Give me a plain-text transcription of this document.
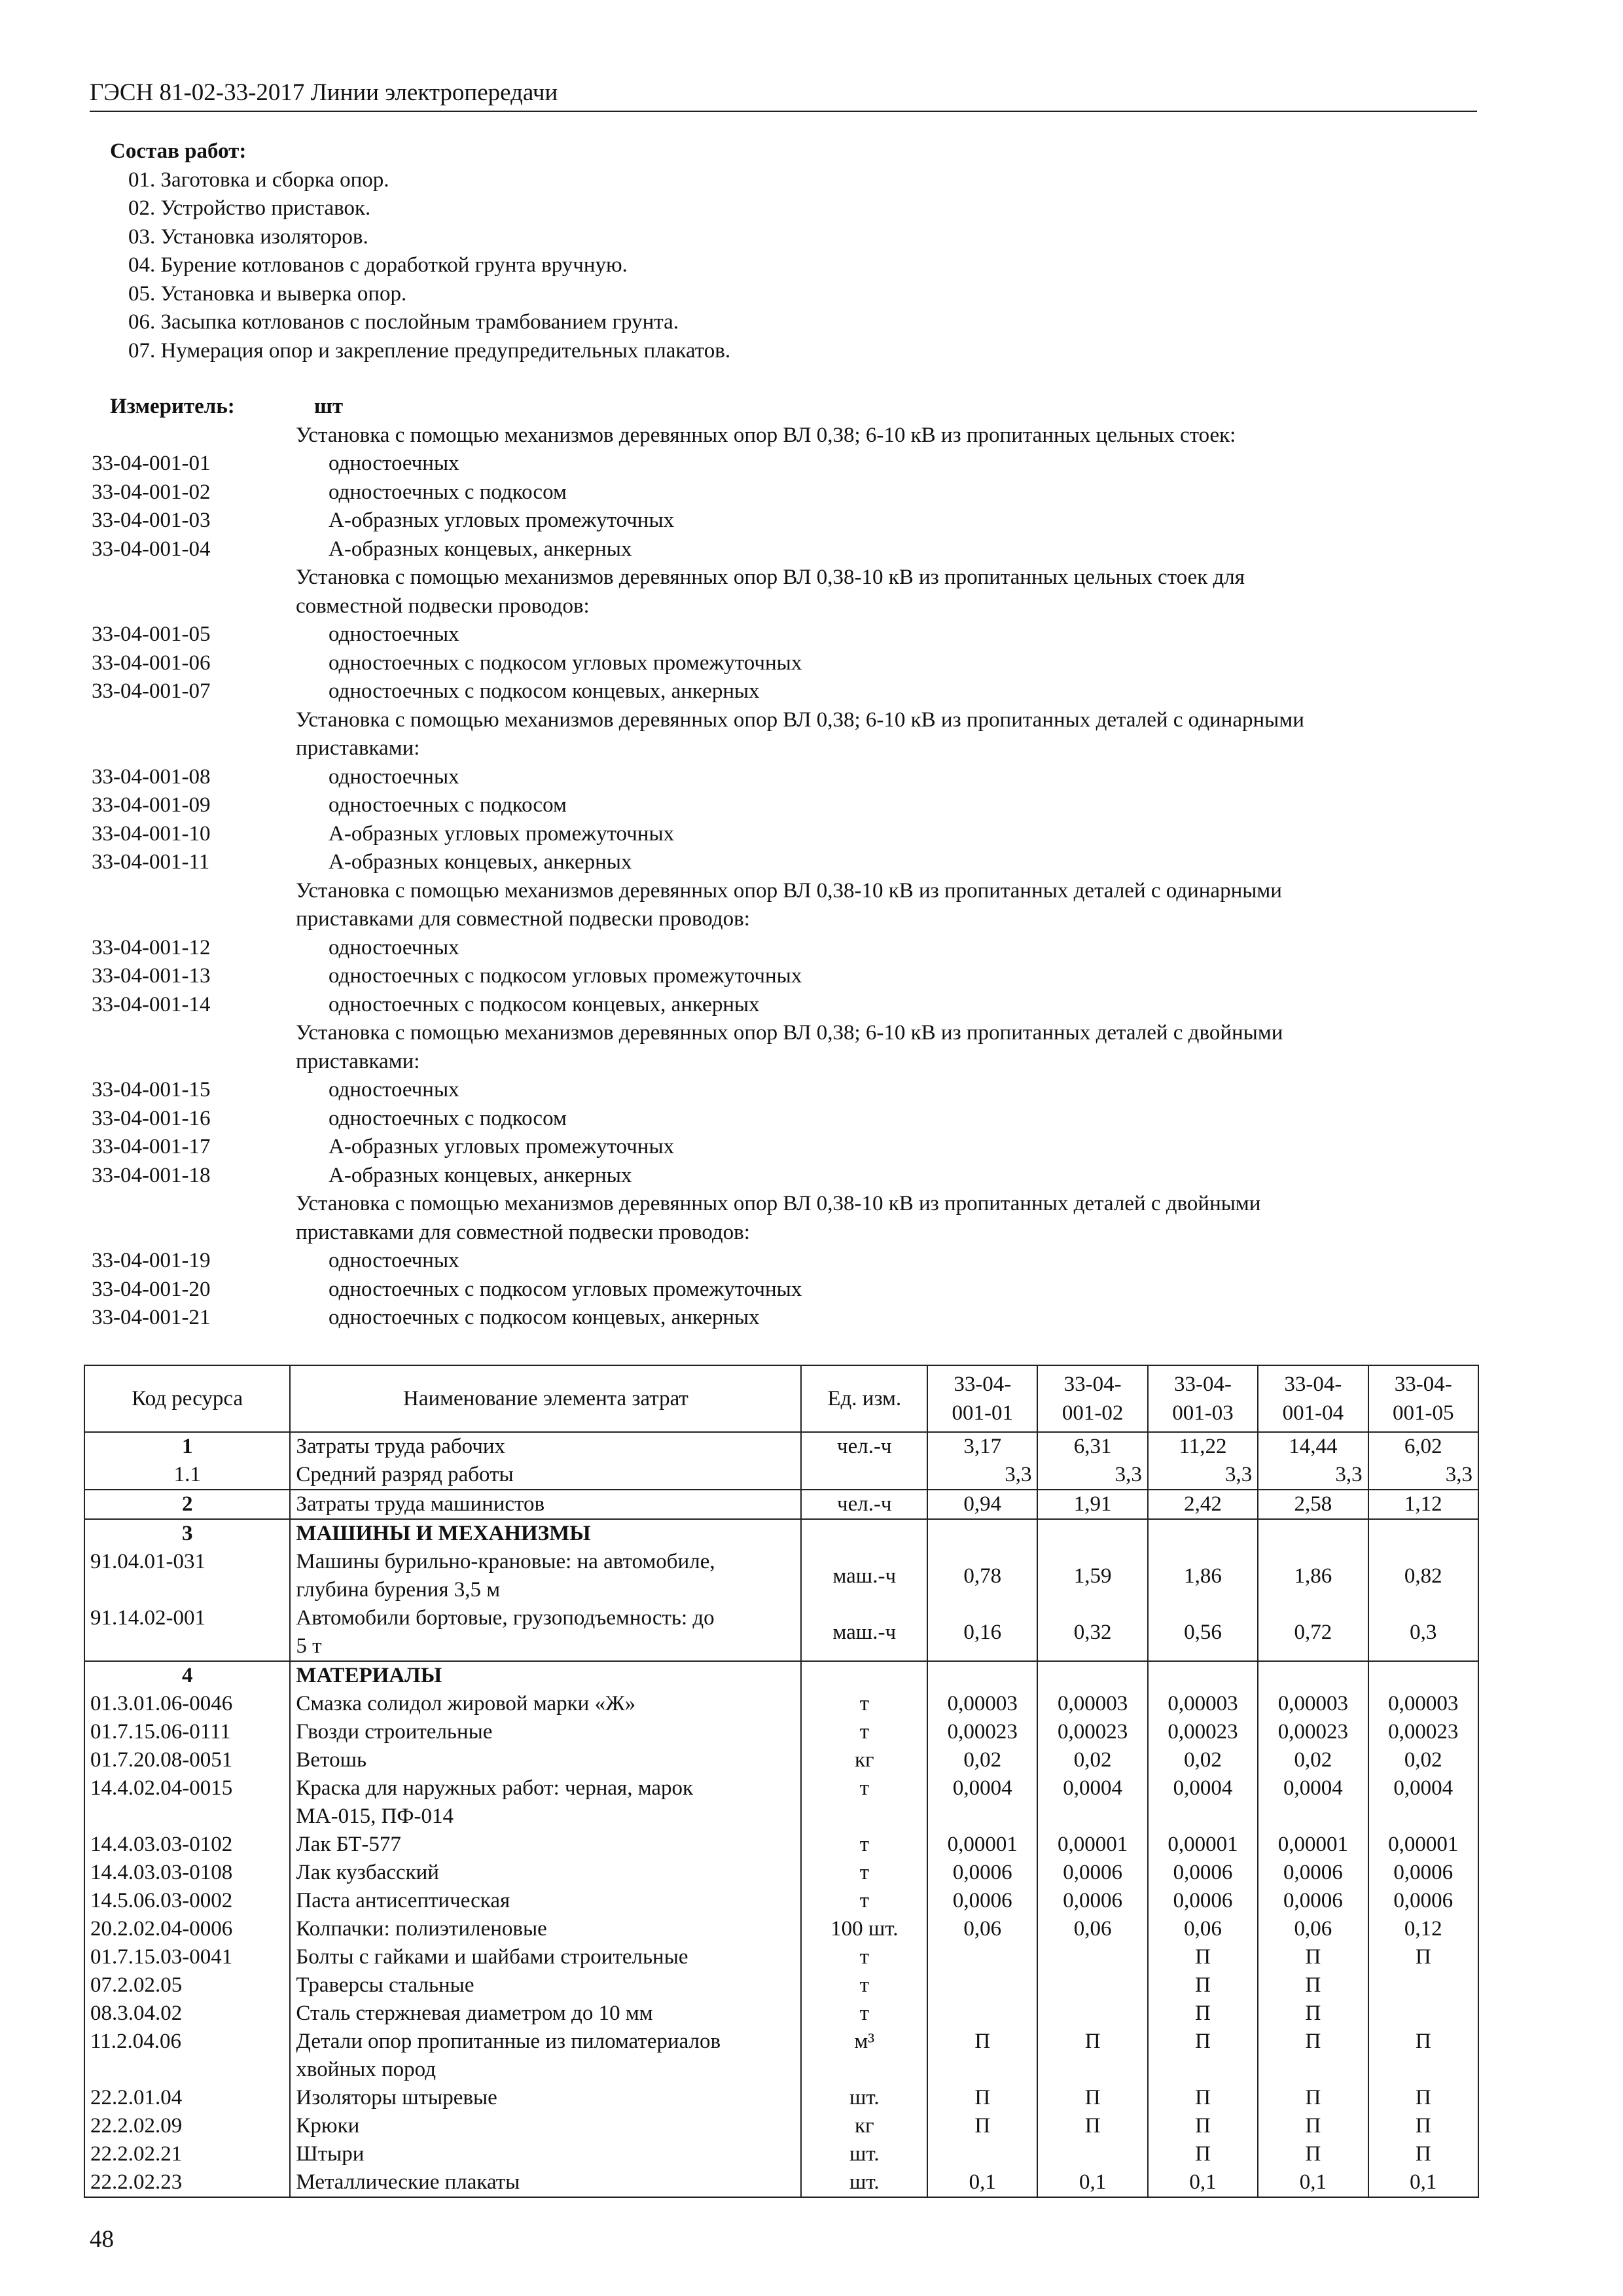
ГЭСН 81-02-33-2017 Линии электропередачи
Состав работ:
01. Заготовка и сборка опор.
02. Устройство приставок.
03. Установка изоляторов.
04. Бурение котлованов с доработкой грунта вручную.
05. Установка и выверка опор.
06. Засыпка котлованов с послойным трамбованием грунта.
07. Нумерация опор и закрепление предупредительных плакатов.
Измеритель:	шт
Установка с помощью механизмов деревянных опор ВЛ 0,38; 6-10 кВ из пропитанных цельных стоек:
33-04-001-01	одностоечных
33-04-001-02	одностоечных с подкосом
33-04-001-03	А-образных угловых промежуточных
33-04-001-04	А-образных концевых, анкерных
Установка с помощью механизмов деревянных опор ВЛ 0,38-10 кВ из пропитанных цельных стоек для
совместной подвески проводов:
33-04-001-05	одностоечных
33-04-001-06	одностоечных с подкосом угловых промежуточных
33-04-001-07	одностоечных с подкосом концевых, анкерных
Установка с помощью механизмов деревянных опор ВЛ 0,38; 6-10 кВ из пропитанных деталей с одинарными
приставками:
33-04-001-08	одностоечных
33-04-001-09	одностоечных с подкосом
33-04-001-10	А-образных угловых промежуточных
33-04-001-11	А-образных концевых, анкерных
Установка с помощью механизмов деревянных опор ВЛ 0,38-10 кВ из пропитанных деталей с одинарными
приставками для совместной подвески проводов:
33-04-001-12	одностоечных
33-04-001-13	одностоечных с подкосом угловых промежуточных
33-04-001-14	одностоечных с подкосом концевых, анкерных
Установка с помощью механизмов деревянных опор ВЛ 0,38; 6-10 кВ из пропитанных деталей с двойными
приставками:
33-04-001-15	одностоечных
33-04-001-16	одностоечных с подкосом
33-04-001-17	А-образных угловых промежуточных
33-04-001-18	А-образных концевых, анкерных
Установка с помощью механизмов деревянных опор ВЛ 0,38-10 кВ из пропитанных деталей с двойными
приставками для совместной подвески проводов:
33-04-001-19	одностоечных
33-04-001-20	одностоечных с подкосом угловых промежуточных
33-04-001-21	одностоечных с подкосом концевых, анкерных
Код ресурса	Наименование элемента затрат	Ед. изм.	33-04-
001-01	33-04-
001-02	33-04-
001-03	33-04-
001-04	33-04-
001-05
1	Затраты труда рабочих	чел.-ч	3,17	6,31	11,22	14,44	6,02
1.1	Средний разряд работы		3,3	3,3	3,3	3,3	3,3
2	Затраты труда машинистов	чел.-ч	0,94	1,91	2,42	2,58	1,12
3	МАШИНЫ И МЕХАНИЗМЫ						
91.04.01-031	Машины бурильно-крановые: на автомобиле,
глубина бурения 3,5 м	маш.-ч	0,78	1,59	1,86	1,86	0,82
91.14.02-001	Автомобили бортовые, грузоподъемность: до
5 т	маш.-ч	0,16	0,32	0,56	0,72	0,3
4	МАТЕРИАЛЫ						
01.3.01.06-0046	Смазка солидол жировой марки «Ж»	т	0,00003	0,00003	0,00003	0,00003	0,00003
01.7.15.06-0111	Гвозди строительные	т	0,00023	0,00023	0,00023	0,00023	0,00023
01.7.20.08-0051	Ветошь	кг	0,02	0,02	0,02	0,02	0,02
14.4.02.04-0015	Краска для наружных работ: черная, марок
МА-015, ПФ-014	т	0,0004	0,0004	0,0004	0,0004	0,0004
14.4.03.03-0102	Лак БТ-577	т	0,00001	0,00001	0,00001	0,00001	0,00001
14.4.03.03-0108	Лак кузбасский	т	0,0006	0,0006	0,0006	0,0006	0,0006
14.5.06.03-0002	Паста антисептическая	т	0,0006	0,0006	0,0006	0,0006	0,0006
20.2.02.04-0006	Колпачки: полиэтиленовые	100 шт.	0,06	0,06	0,06	0,06	0,12
01.7.15.03-0041	Болты с гайками и шайбами строительные	т			П	П	П
07.2.02.05	Траверсы стальные	т			П	П	
08.3.04.02	Сталь стержневая диаметром до 10 мм	т			П	П	
11.2.04.06	Детали опор пропитанные из пиломатериалов
хвойных пород	м³	П	П	П	П	П
22.2.01.04	Изоляторы штыревые	шт.	П	П	П	П	П
22.2.02.09	Крюки	кг	П	П	П	П	П
22.2.02.21	Штыри	шт.			П	П	П
22.2.02.23	Металлические плакаты	шт.	0,1	0,1	0,1	0,1	0,1
48
